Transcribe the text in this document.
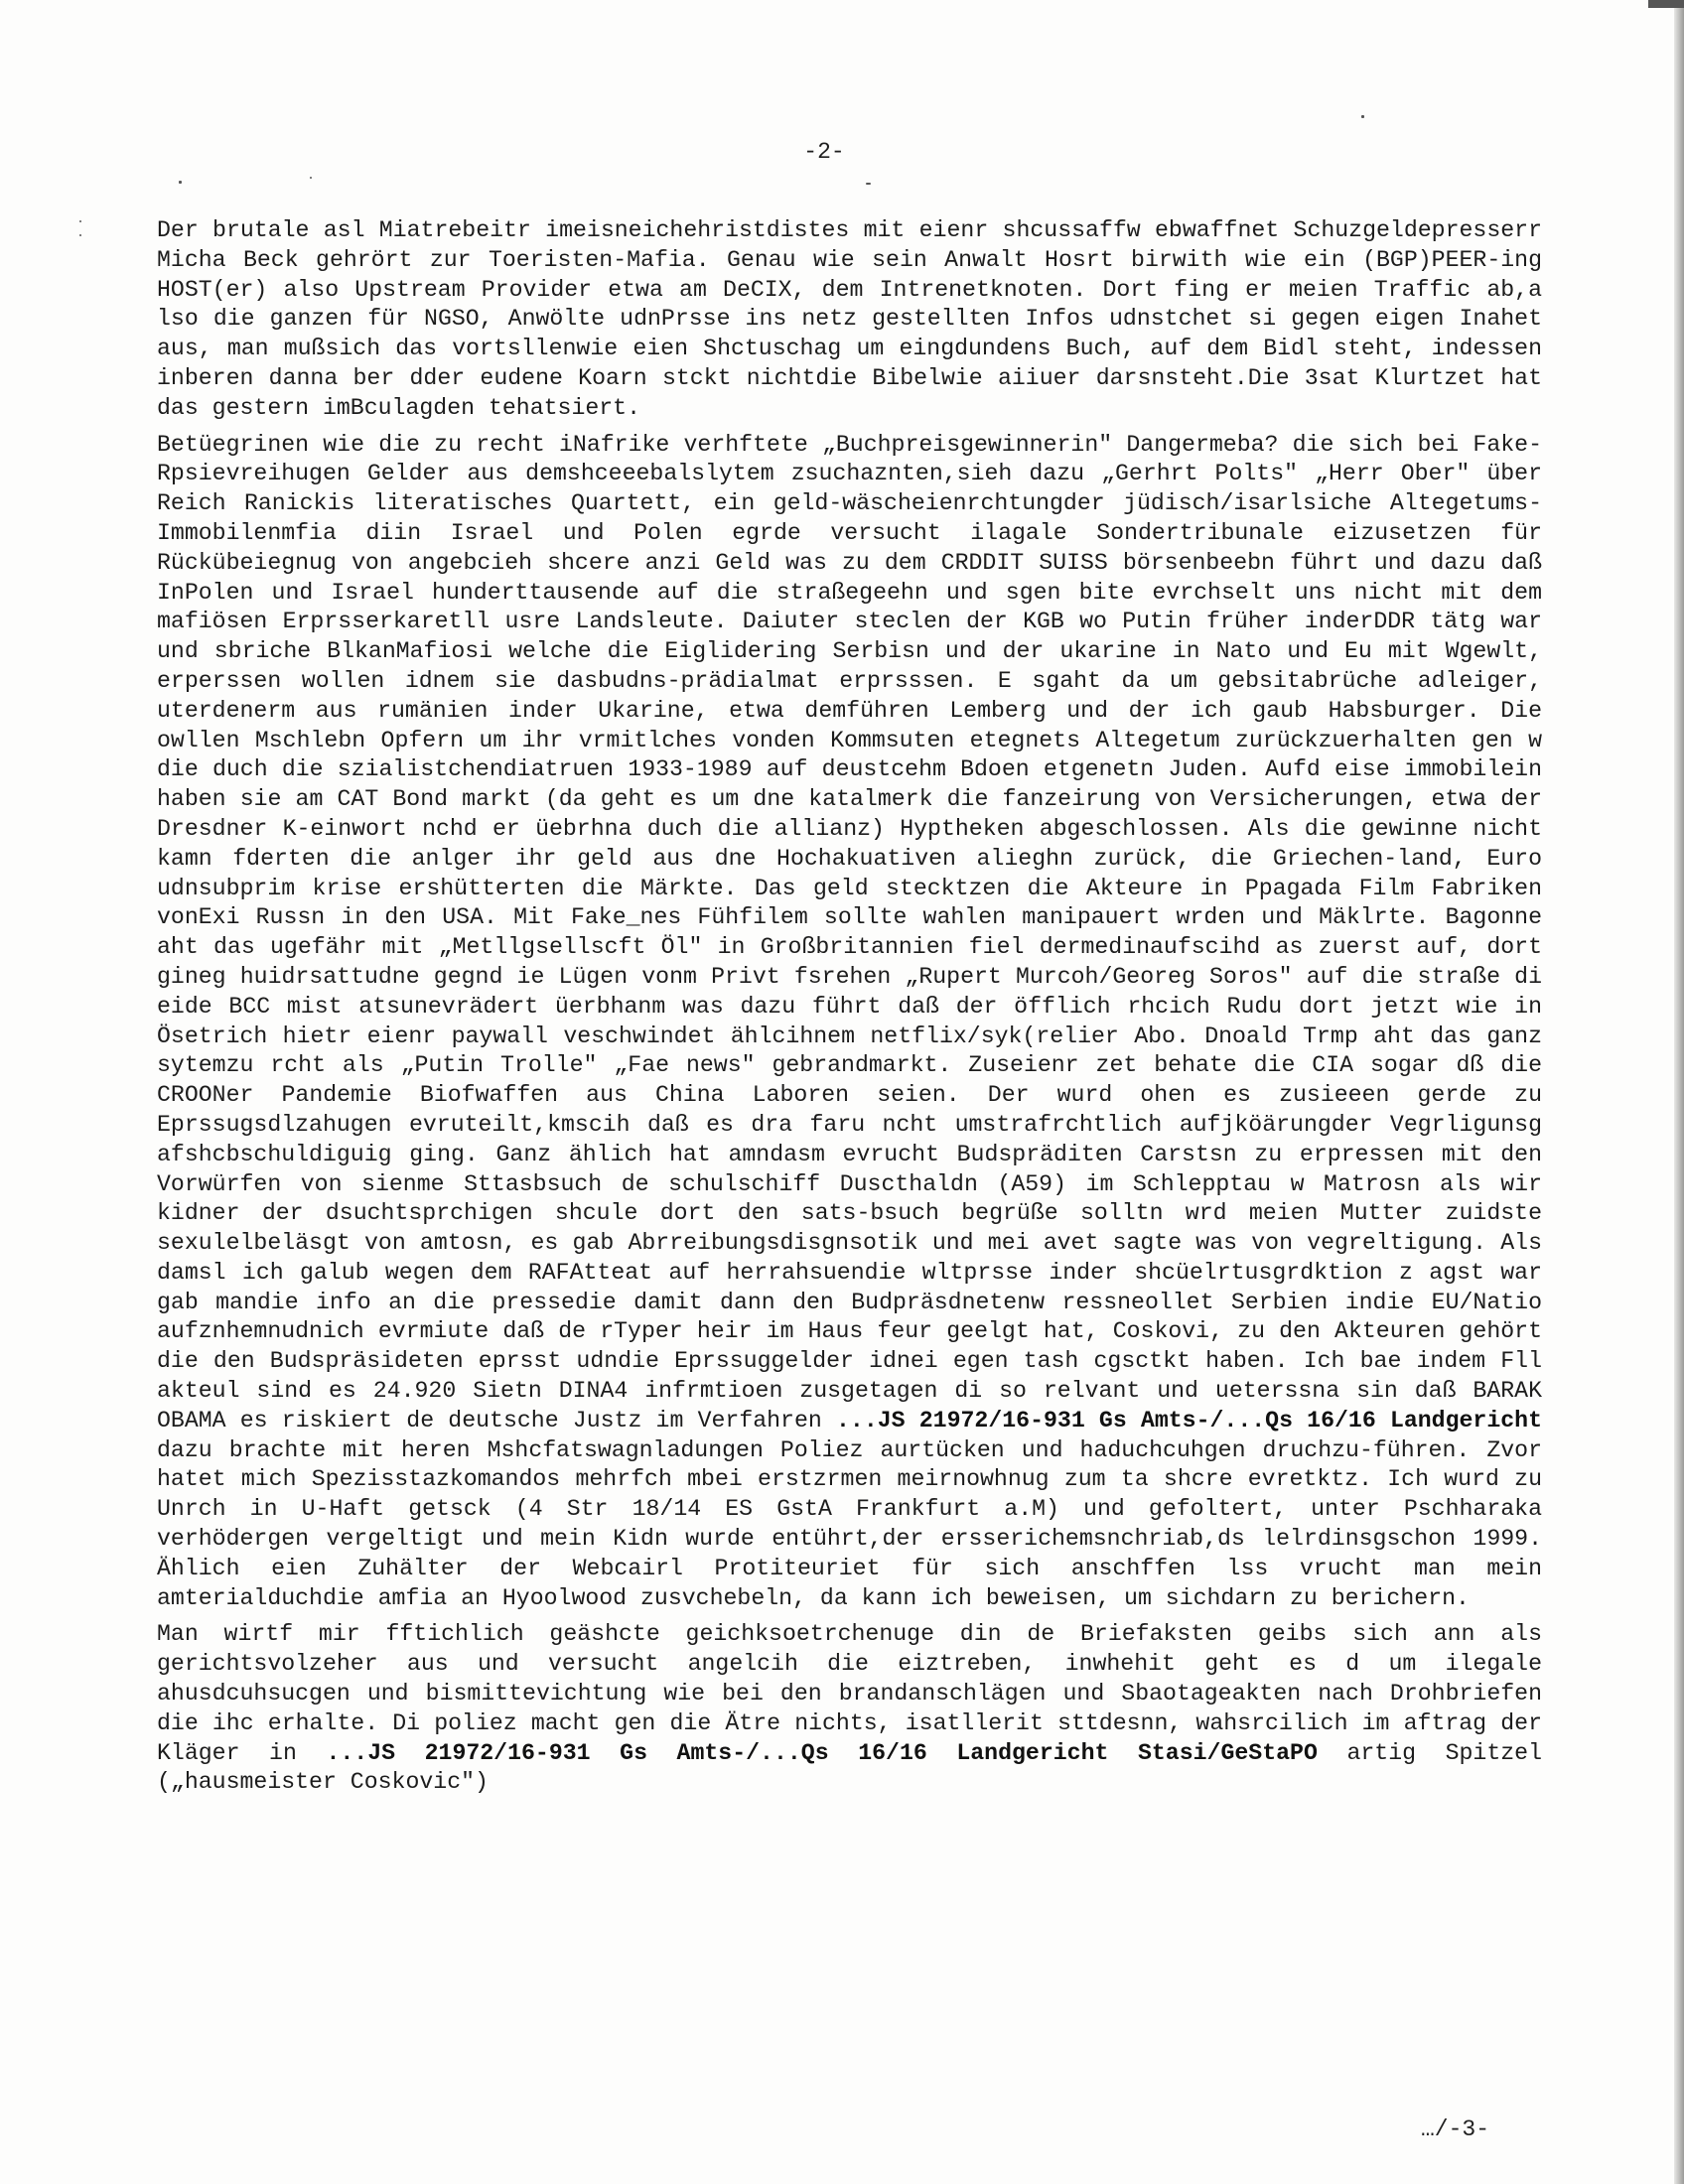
-2-

Der brutale asl Miatrebeitr imeisneichehristdistes mit eienr shcussaffw ebwaffnet Schuzgeldepresserr Micha Beck gehrört zur Toeristen-Mafia. Genau wie sein Anwalt Hosrt birwith wie ein (BGP)PEER-ing HOST(er) also Upstream Provider etwa am DeCIX, dem Intrenetknoten. Dort fing er meien Traffic ab,a lso die ganzen für NGSO, Anwölte udnPrsse ins netz gestellten Infos udnstchet si gegen eigen Inahet aus, man mußsich das vortsllenwie eien Shctuschag um eingdundens Buch, auf dem Bidl steht, indessen inberen danna ber dder eudene Koarn stckt nichtdie Bibelwie aiiuer darsnsteht.Die 3sat Klurtzet hat das gestern imBculagden tehatsiert.

Betüegrinen wie die zu recht iNafrike verhftete „Buchpreisgewinnerin" Dangermeba? die sich bei Fake-Rpsievreihugen Gelder aus demshceeebalslytem zsuchaznten,sieh dazu „Gerhrt Polts" „Herr Ober" über Reich Ranickis literatisches Quartett, ein geld-wäscheienrchtungder jüdisch/isarlsiche Altegetums-Immobilenmfia diin Israel und Polen egrde versucht ilagale Sondertribunale eizusetzen für Rückübeiegnug von angebcieh shcere anzi Geld was zu dem CRDDIT SUISS börsenbeebn führt und dazu daß InPolen und Israel hunderttausende auf die straßegeehn und sgen bite evrchselt uns nicht mit dem mafiösen Erprsserkaretll usre Landsleute. Daiuter steclen der KGB wo Putin früher inderDDR tätg war und sbriche BlkanMafiosi welche die Eiglidering Serbisn und der ukarine in Nato und Eu mit Wgewlt, erperssen wollen idnem sie dasbudns-prädialmat erprsssen. E sgaht da um gebsitabrüche adleiger, uterdenerm aus rumänien inder Ukarine, etwa demführen Lemberg und der ich gaub Habsburger. Die owllen Mschlebn Opfern um ihr vrmitlches vonden Kommsuten etegnets Altegetum zurückzuerhalten gen w die duch die szialistchendiatruen 1933-1989 auf deustcehm Bdoen etgenetn Juden. Aufd eise immobilein haben sie am CAT Bond markt (da geht es um dne katalmerk die fanzeirung von Versicherungen, etwa der Dresdner K-einwort nchd er üebrhna duch die allianz) Hyptheken abgeschlossen. Als die gewinne nicht kamn fderten die anlger ihr geld aus dne Hochakuativen alieghn zurück, die Griechen-land, Euro udnsubprim krise ershütterten die Märkte. Das geld stecktzen die Akteure in Ppagada Film Fabriken vonExi Russn in den USA. Mit Fake_nes Fühfilem sollte wahlen manipauert wrden und Mäklrte. Bagonne aht das ugefähr mit „Metllgsellscft Öl" in Großbritannien fiel dermedinaufscihd as zuerst auf, dort gineg huidrsattudne gegnd ie Lügen vonm Privt fsrehen „Rupert Murcoh/Georeg Soros" auf die straße di eide BCC mist atsunevrädert üerbhanm was dazu führt daß der öfflich rhcich Rudu dort jetzt wie in Ösetrich hietr eienr paywall veschwindet ählcihnem netflix/syk(relier Abo. Dnoald Trmp aht das ganz sytemzu rcht als „Putin Trolle" „Fae news" gebrandmarkt. Zuseienr zet behate die CIA sogar dß die CROONer Pandemie Biofwaffen aus China Laboren seien. Der wurd ohen es zusieeen gerde zu Eprssugsdlzahugen evruteilt,kmscih daß es dra faru ncht umstrafrchtlich aufjköärungder Vegrligunsg afshcbschuldiguig ging. Ganz ählich hat amndasm evrucht Budspräditen Carstsn zu erpressen mit den Vorwürfen von sienme Sttasbsuch de schulschiff Duscthaldn (A59) im Schlepptau w Matrosn als wir kidner der dsuchtsprchigen shcule dort den sats-bsuch begrüße solltn wrd meien Mutter zuidste sexulelbeläsgt von amtosn, es gab Abrreibungsdisgnsotik und mei avet sagte was von vegreltigung. Als damsl ich galub wegen dem RAFAtteat auf herrahsuendie wltprsse inder shcüelrtusgrdktion z agst war gab mandie info an die pressedie damit dann den Budpräsdnetenw ressneollet Serbien indie EU/Natio aufznhemnudnich evrmiute daß de rTyper heir im Haus feur geelgt hat, Coskovi, zu den Akteuren gehört die den Budspräsideten eprsst udndie Eprssuggelder idnei egen tash cgsctkt haben. Ich bae indem Fll akteul sind es 24.920 Sietn DINA4 infrmtioen zusgetagen di so relvant und ueterssna sin daß BARAK OBAMA es riskiert de deutsche Justz im Verfahren ...JS 21972/16-931 Gs Amts-/...Qs 16/16 Landgericht dazu brachte mit heren Mshcfatswagnladungen Poliez aurtücken und haduchcuhgen druchzu-führen. Zvor hatet mich Spezisstazkomandos mehrfch mbei erstzrmen meirnowhnug zum ta shcre evretktz. Ich wurd zu Unrch in U-Haft getsck (4 Str 18/14 ES GstA Frankfurt a.M) und gefoltert, unter Pschharaka verhödergen vergeltigt und mein Kidn wurde entührt,der ersserichemsnchriab,ds lelrdinsgschon 1999. Ählich eien Zuhälter der Webcairl Protiteuriet für sich anschffen lss vrucht man mein amterialduchdie amfia an Hyoolwood zusvchebeln, da kann ich beweisen, um sichdarn zu berichern.

Man wirtf mir fftichlich geäshcte geichksoetrchenuge din de Briefaksten geibs sich ann als gerichtsvolzeher aus und versucht angelcih die eiztreben, inwhehit geht es d um ilegale ahusdcuhsucgen und bismittevichtung wie bei den brandanschlägen und Sbaotageakten nach Drohbriefen die ihc erhalte. Di poliez macht gen die Ätre nichts, isatllerit sttdesnn, wahsrcilich im aftrag der Kläger in ...JS 21972/16-931 Gs Amts-/...Qs 16/16 Landgericht Stasi/GeStaPO artig Spitzel („hausmeister Coskovic")

…/-3-
